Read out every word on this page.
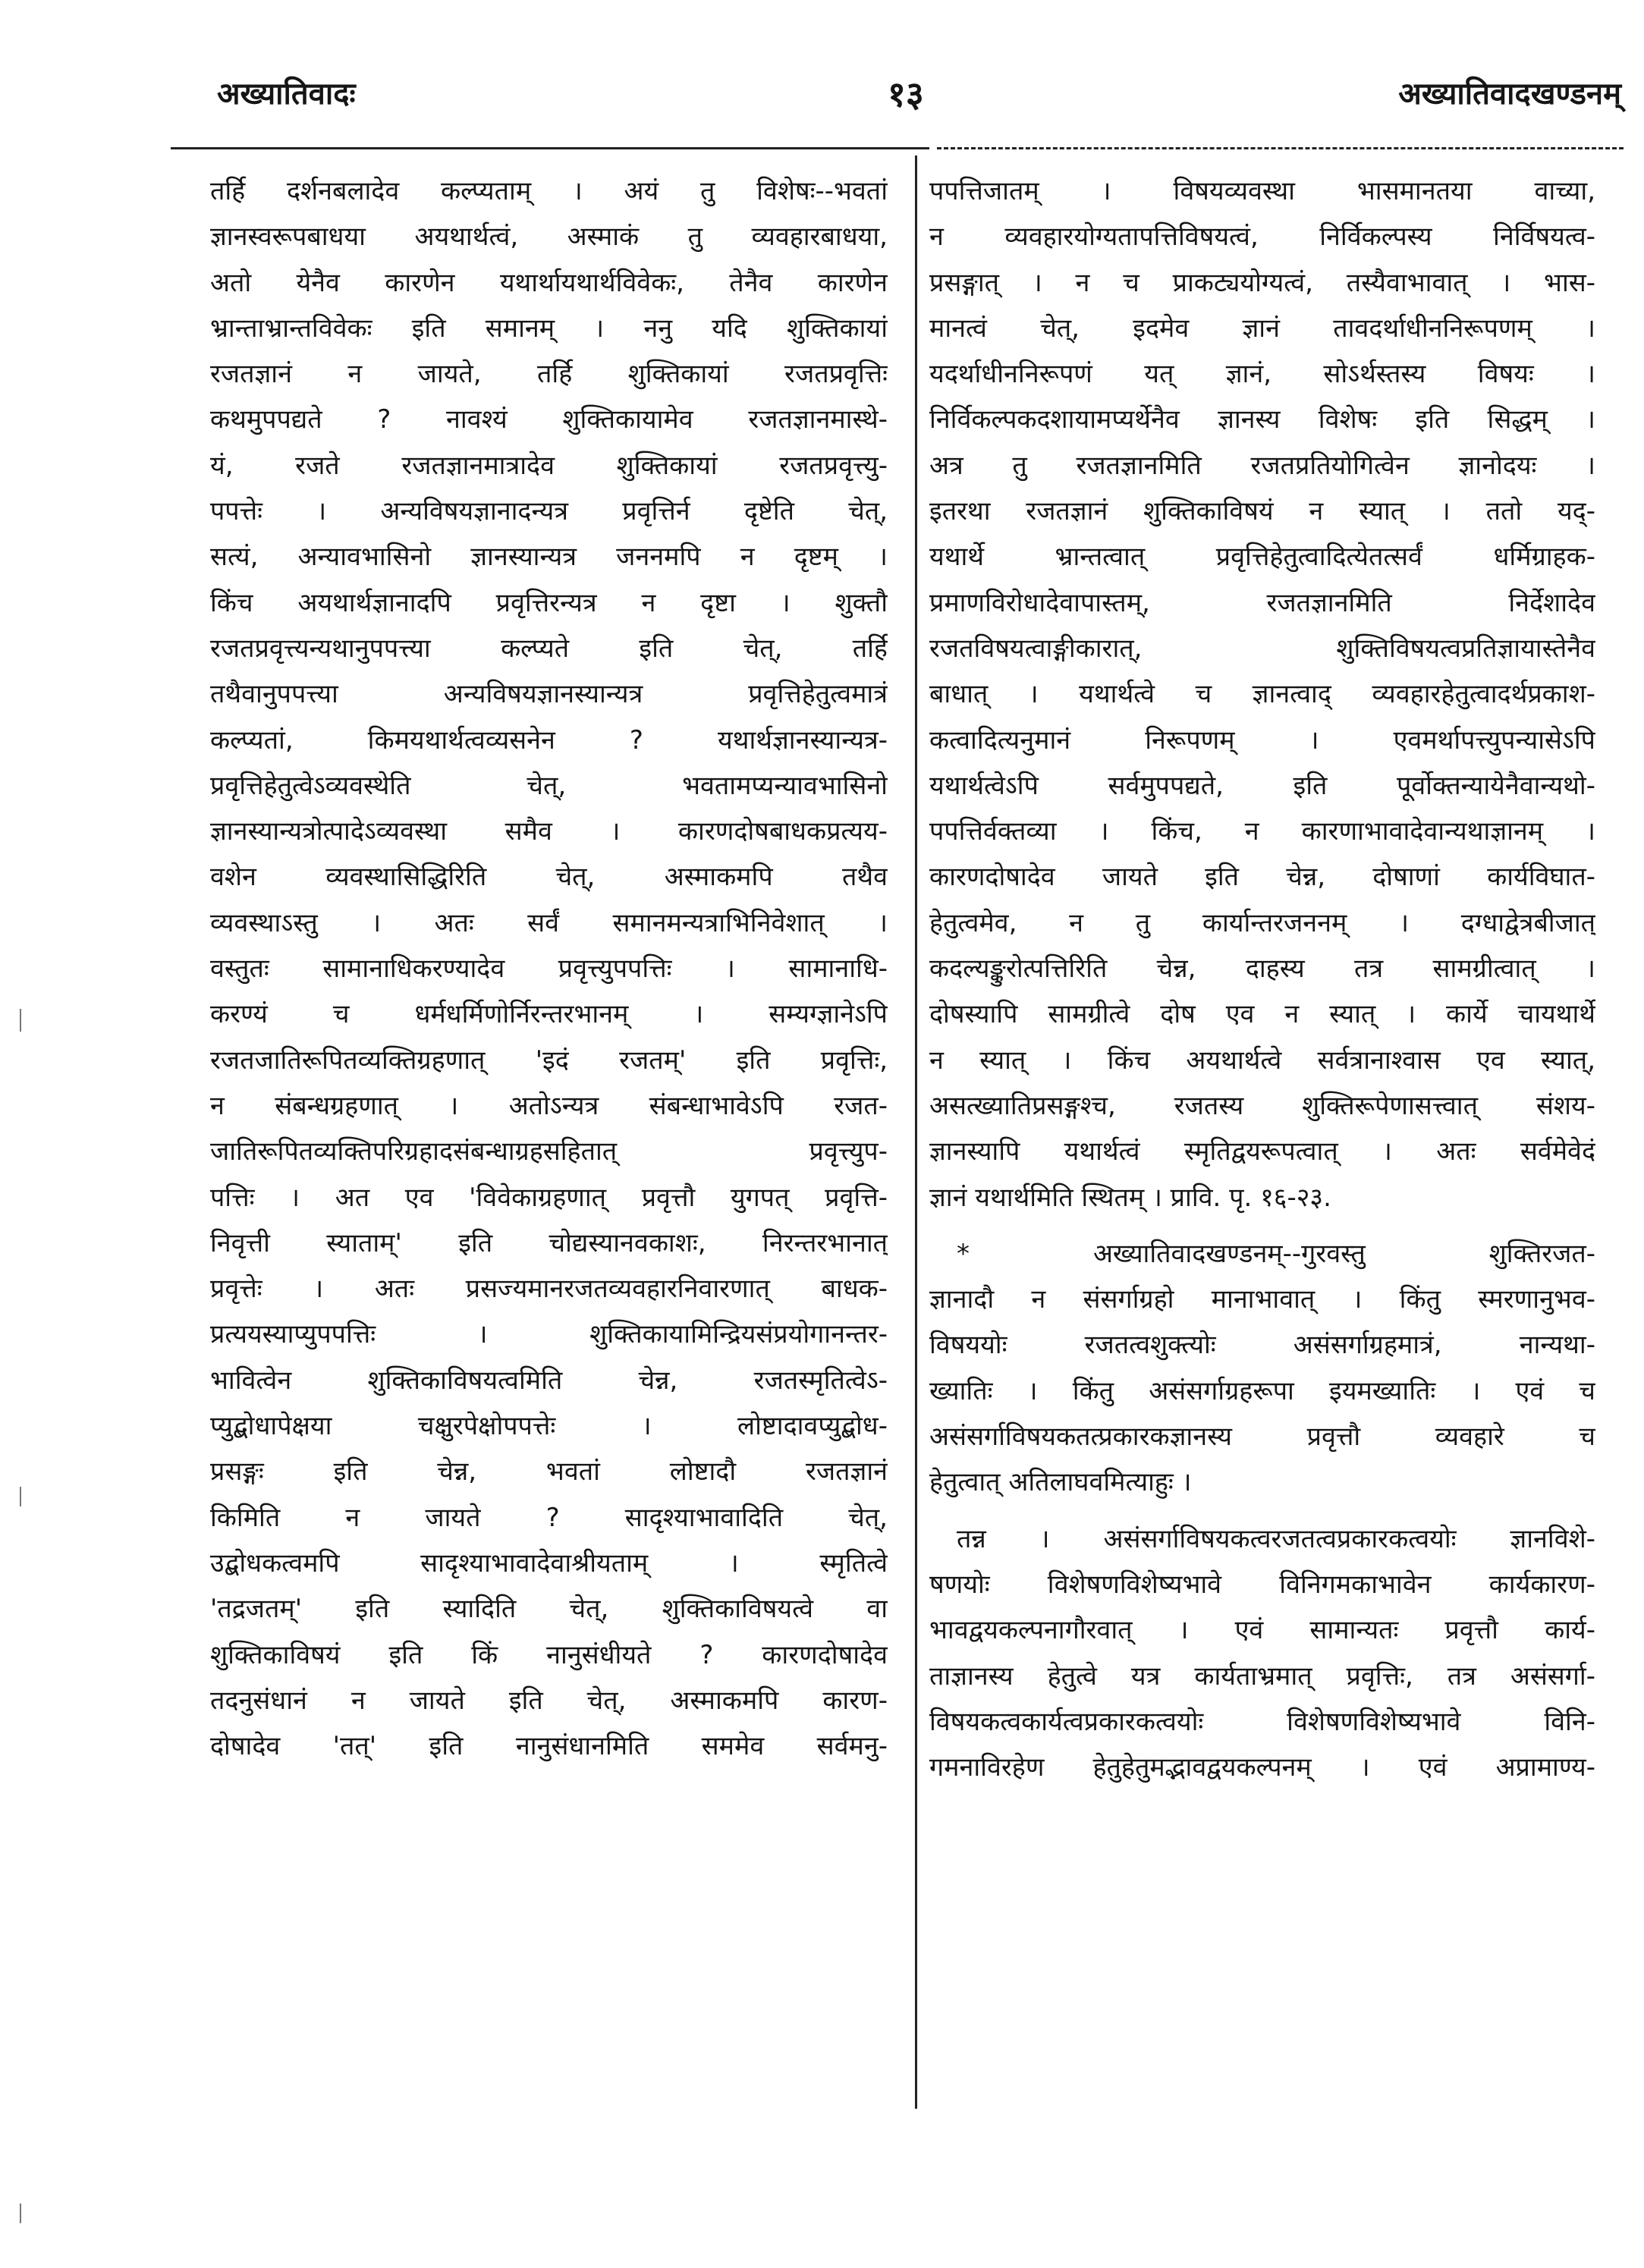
अख्यातिवादः	१३	अख्यातिवादखण्डनम्
तर्हि दर्शनबलादेव कल्प्यताम् । अयं तु विशेषः--भवतां
ज्ञानस्वरूपबाधया अयथार्थत्वं, अस्माकं तु व्यवहारबाधया,
अतो येनैव कारणेन यथार्थायथार्थविवेकः, तेनैव कारणेन
भ्रान्ताभ्रान्तविवेकः इति समानम् । ननु यदि शुक्तिकायां
रजतज्ञानं न जायते, तर्हि शुक्तिकायां रजतप्रवृत्तिः
कथमुपपद्यते ? नावश्यं शुक्तिकायामेव रजतज्ञानमास्थे-
यं, रजते रजतज्ञानमात्रादेव शुक्तिकायां रजतप्रवृत्त्यु-
पपत्तेः । अन्यविषयज्ञानादन्यत्र प्रवृत्तिर्न दृष्टेति चेत्,
सत्यं, अन्यावभासिनो ज्ञानस्यान्यत्र जननमपि न दृष्टम् ।
किंच अयथार्थज्ञानादपि प्रवृत्तिरन्यत्र न दृष्टा । शुक्तौ
रजतप्रवृत्त्यन्यथानुपपत्त्या कल्प्यते इति चेत्, तर्हि
तथैवानुपपत्त्या अन्यविषयज्ञानस्यान्यत्र प्रवृत्तिहेतुत्वमात्रं
कल्प्यतां, किमयथार्थत्वव्यसनेन ? यथार्थज्ञानस्यान्यत्र-
प्रवृत्तिहेतुत्वेऽव्यवस्थेति चेत्, भवतामप्यन्यावभासिनो
ज्ञानस्यान्यत्रोत्पादेऽव्यवस्था समैव । कारणदोषबाधकप्रत्यय-
वशेन व्यवस्थासिद्धिरिति चेत्, अस्माकमपि तथैव
व्यवस्थाऽस्तु । अतः सर्वं समानमन्यत्राभिनिवेशात् ।
वस्तुतः सामानाधिकरण्यादेव प्रवृत्त्युपपत्तिः । सामानाधि-
करण्यं च धर्मधर्मिणोर्निरन्तरभानम् । सम्यग्ज्ञानेऽपि
रजतजातिरूपितव्यक्तिग्रहणात् 'इदं रजतम्' इति प्रवृत्तिः,
न संबन्धग्रहणात् । अतोऽन्यत्र संबन्धाभावेऽपि रजत-
जातिरूपितव्यक्तिपरिग्रहादसंबन्धाग्रहसहितात् प्रवृत्त्युप-
पत्तिः । अत एव 'विवेकाग्रहणात् प्रवृत्तौ युगपत् प्रवृत्ति-
निवृत्ती स्याताम्' इति चोद्यस्यानवकाशः, निरन्तरभानात्
प्रवृत्तेः । अतः प्रसज्यमानरजतव्यवहारनिवारणात् बाधक-
प्रत्ययस्याप्युपपत्तिः । शुक्तिकायामिन्द्रियसंप्रयोगानन्तर-
भावित्वेन शुक्तिकाविषयत्वमिति चेन्न, रजतस्मृतित्वेऽ-
प्युद्बोधापेक्षया चक्षुरपेक्षोपपत्तेः । लोष्टादावप्युद्बोध-
प्रसङ्गः इति चेन्न, भवतां लोष्टादौ रजतज्ञानं
किमिति न जायते ? सादृश्याभावादिति चेत्,
उद्बोधकत्वमपि सादृश्याभावादेवाश्रीयताम् । स्मृतित्वे
'तद्रजतम्' इति स्यादिति चेत्, शुक्तिकाविषयत्वे वा
शुक्तिकाविषयं इति किं नानुसंधीयते ? कारणदोषादेव
तदनुसंधानं न जायते इति चेत्, अस्माकमपि कारण-
दोषादेव 'तत्' इति नानुसंधानमिति सममेव सर्वमनु-
पपत्तिजातम् । विषयव्यवस्था भासमानतया वाच्या,
न व्यवहारयोग्यतापत्तिविषयत्वं, निर्विकल्पस्य निर्विषयत्व-
प्रसङ्गात् । न च प्राकट्ययोग्यत्वं, तस्यैवाभावात् । भास-
मानत्वं चेत्, इदमेव ज्ञानं तावदर्थाधीननिरूपणम् ।
यदर्थाधीननिरूपणं यत् ज्ञानं, सोऽर्थस्तस्य विषयः ।
निर्विकल्पकदशायामप्यर्थेनैव ज्ञानस्य विशेषः इति सिद्धम् ।
अत्र तु रजतज्ञानमिति रजतप्रतियोगित्वेन ज्ञानोदयः ।
इतरथा रजतज्ञानं शुक्तिकाविषयं न स्यात् । ततो यद्-
यथार्थे भ्रान्तत्वात् प्रवृत्तिहेतुत्वादित्येतत्सर्वं धर्मिग्राहक-
प्रमाणविरोधादेवापास्तम्, रजतज्ञानमिति निर्देशादेव
रजतविषयत्वाङ्गीकारात्, शुक्तिविषयत्वप्रतिज्ञायास्तेनैव
बाधात् । यथार्थत्वे च ज्ञानत्वाद् व्यवहारहेतुत्वादर्थप्रकाश-
कत्वादित्यनुमानं निरूपणम् । एवमर्थापत्त्युपन्यासेऽपि
यथार्थत्वेऽपि सर्वमुपपद्यते, इति पूर्वोक्तन्यायेनैवान्यथो-
पपत्तिर्वक्तव्या । किंच, न कारणाभावादेवान्यथाज्ञानम् ।
कारणदोषादेव जायते इति चेन्न, दोषाणां कार्यविघात-
हेतुत्वमेव, न तु कार्यान्तरजननम् । दग्धाद्वेत्रबीजात्
कदल्यङ्कुरोत्पत्तिरिति चेन्न, दाहस्य तत्र सामग्रीत्वात् ।
दोषस्यापि सामग्रीत्वे दोष एव न स्यात् । कार्ये चायथार्थे
न स्यात् । किंच अयथार्थत्वे सर्वत्रानाश्वास एव स्यात्,
असत्ख्यातिप्रसङ्गश्च, रजतस्य शुक्तिरूपेणासत्त्वात् संशय-
ज्ञानस्यापि यथार्थत्वं स्मृतिद्वयरूपत्वात् । अतः सर्वमेवेदं
ज्ञानं यथार्थमिति स्थितम् । प्रावि. पृ. १६-२३.
* अख्यातिवादखण्डनम्--गुरवस्तु शुक्तिरजत-
ज्ञानादौ न संसर्गाग्रहो मानाभावात् । किंतु स्मरणानुभव-
विषययोः रजतत्वशुक्त्योः असंसर्गाग्रहमात्रं, नान्यथा-
ख्यातिः । किंतु असंसर्गाग्रहरूपा इयमख्यातिः । एवं च
असंसर्गाविषयकतत्प्रकारकज्ञानस्य प्रवृत्तौ व्यवहारे च
हेतुत्वात् अतिलाघवमित्याहुः ।
तन्न । असंसर्गाविषयकत्वरजतत्वप्रकारकत्वयोः ज्ञानविशे-
षणयोः विशेषणविशेष्यभावे विनिगमकाभावेन कार्यकारण-
भावद्वयकल्पनागौरवात् । एवं सामान्यतः प्रवृत्तौ कार्य-
ताज्ञानस्य हेतुत्वे यत्र कार्यताभ्रमात् प्रवृत्तिः, तत्र असंसर्गा-
विषयकत्वकार्यत्वप्रकारकत्वयोः विशेषणविशेष्यभावे विनि-
गमनाविरहेण हेतुहेतुमद्भावद्वयकल्पनम् । एवं अप्रामाण्य-
